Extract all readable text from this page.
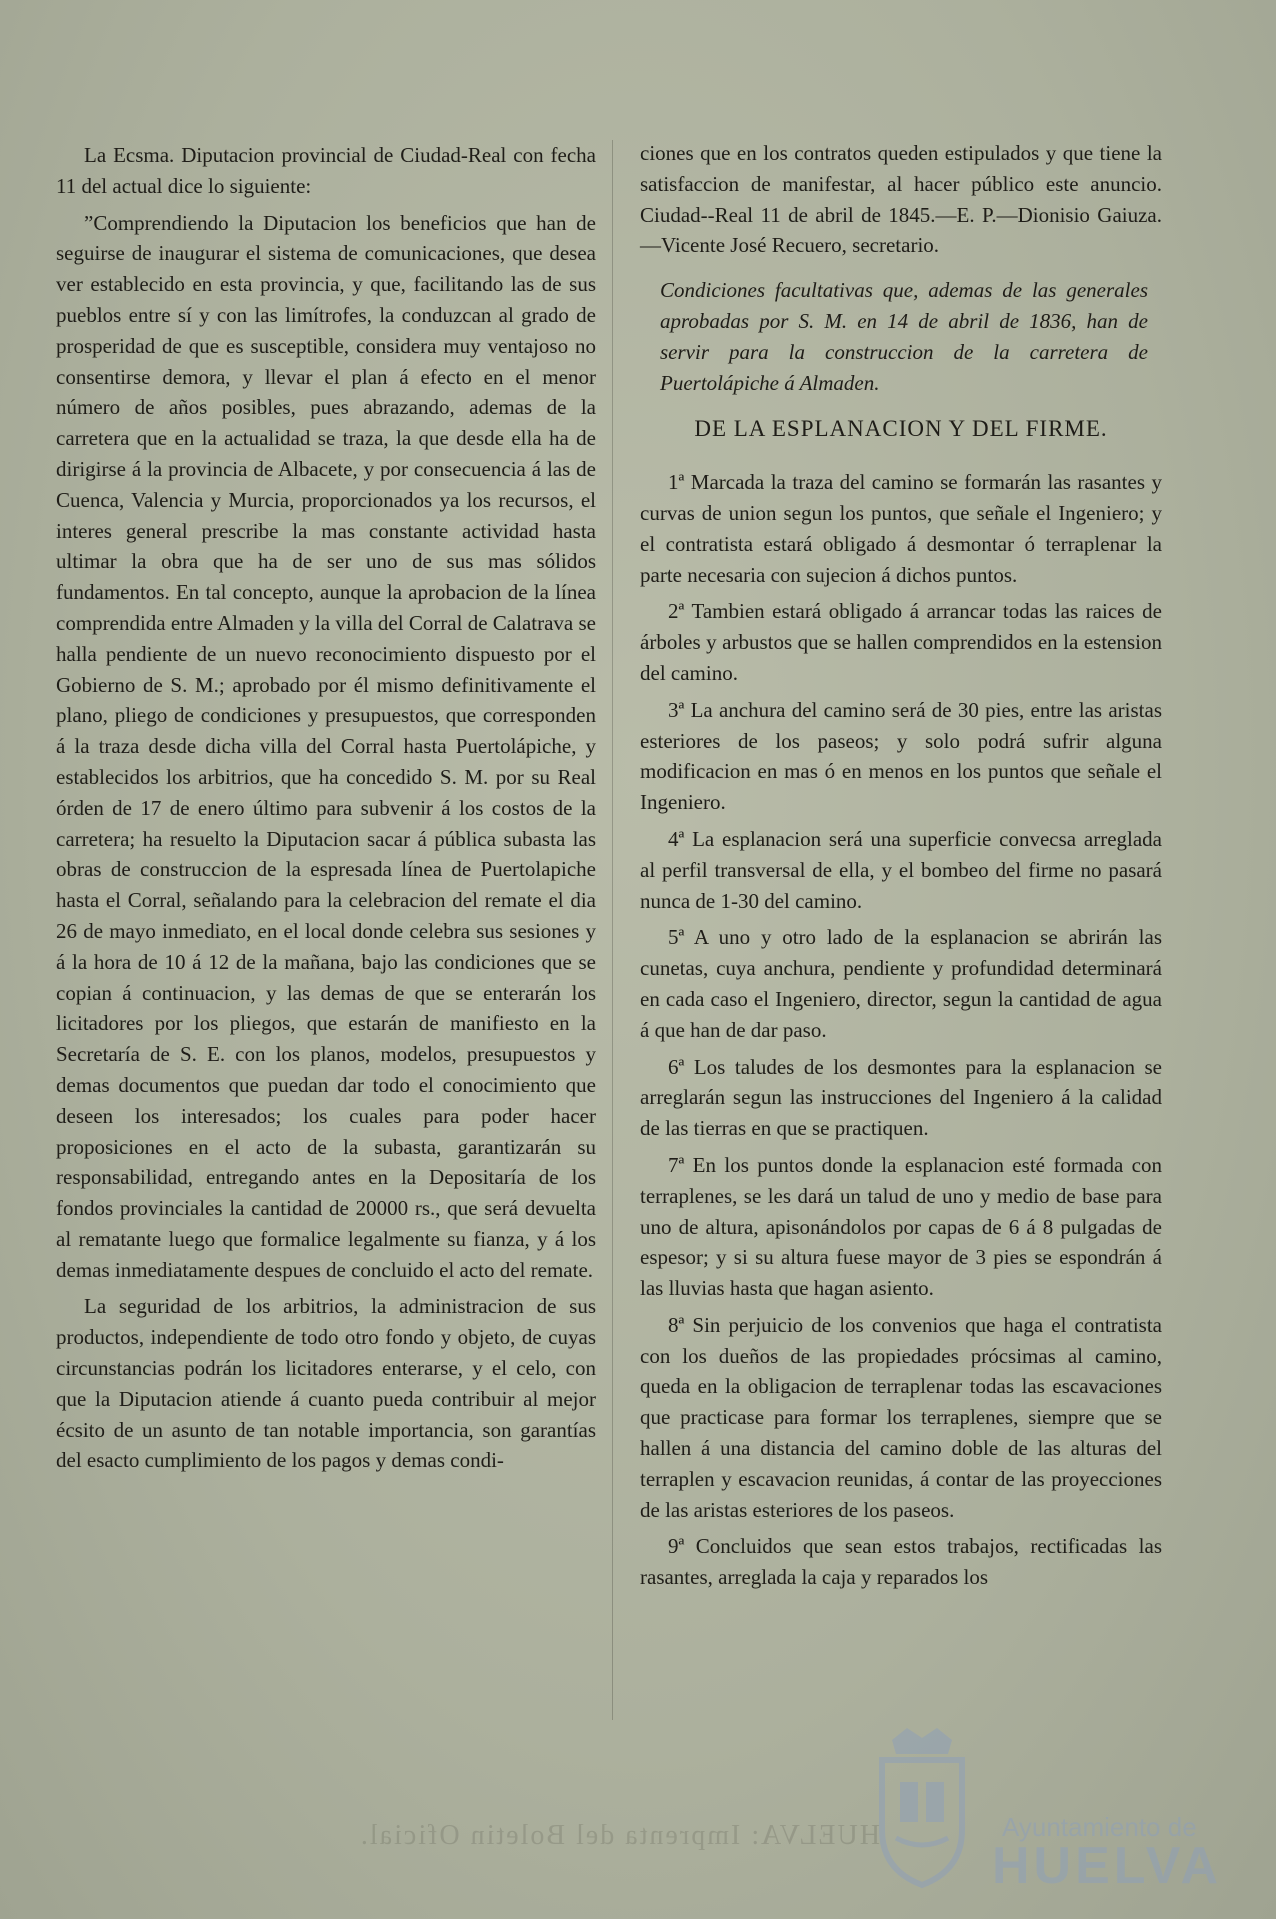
La Ecsma. Diputacion provincial de Ciudad-Real con fecha 11 del actual dice lo siguiente:

”Comprendiendo la Diputacion los beneficios que han de seguirse de inaugurar el sistema de comunicaciones, que desea ver establecido en esta provincia, y que, facilitando las de sus pueblos entre sí y con las limítrofes, la conduzcan al grado de prosperidad de que es susceptible, considera muy ventajoso no consentirse demora, y llevar el plan á efecto en el menor número de años posibles, pues abrazando, ademas de la carretera que en la actualidad se traza, la que desde ella ha de dirigirse á la provincia de Albacete, y por consecuencia á las de Cuenca, Valencia y Murcia, proporcionados ya los recursos, el interes general prescribe la mas constante actividad hasta ultimar la obra que ha de ser uno de sus mas sólidos fundamentos. En tal concepto, aunque la aprobacion de la línea comprendida entre Almaden y la villa del Corral de Calatrava se halla pendiente de un nuevo reconocimiento dispuesto por el Gobierno de S. M.; aprobado por él mismo definitivamente el plano, pliego de condiciones y presupuestos, que corresponden á la traza desde dicha villa del Corral hasta Puertolápiche, y establecidos los arbitrios, que ha concedido S. M. por su Real órden de 17 de enero último para subvenir á los costos de la carretera; ha resuelto la Diputacion sacar á pública subasta las obras de construccion de la espresada línea de Puertolapiche hasta el Corral, señalando para la celebracion del remate el dia 26 de mayo inmediato, en el local donde celebra sus sesiones y á la hora de 10 á 12 de la mañana, bajo las condiciones que se copian á continuacion, y las demas de que se enterarán los licitadores por los pliegos, que estarán de manifiesto en la Secretaría de S. E. con los planos, modelos, presupuestos y demas documentos que puedan dar todo el conocimiento que deseen los interesados; los cuales para poder hacer proposiciones en el acto de la subasta, garantizarán su responsabilidad, entregando antes en la Depositaría de los fondos provinciales la cantidad de 20000 rs., que será devuelta al rematante luego que formalice legalmente su fianza, y á los demas inmediatamente despues de concluido el acto del remate.

La seguridad de los arbitrios, la administracion de sus productos, independiente de todo otro fondo y objeto, de cuyas circunstancias podrán los licitadores enterarse, y el celo, con que la Diputacion atiende á cuanto pueda contribuir al mejor écsito de un asunto de tan notable importancia, son garantías del esacto cumplimiento de los pagos y demas condi-

ciones que en los contratos queden estipulados y que tiene la satisfaccion de manifestar, al hacer público este anuncio. Ciudad--Real 11 de abril de 1845.—E. P.—Dionisio Gaiuza.—Vicente José Recuero, secretario.

Condiciones facultativas que, ademas de las generales aprobadas por S. M. en 14 de abril de 1836, han de servir para la construccion de la carretera de Puertolápiche á Almaden.

DE LA ESPLANACION Y DEL FIRME.

1ª Marcada la traza del camino se formarán las rasantes y curvas de union segun los puntos, que señale el Ingeniero; y el contratista estará obligado á desmontar ó terraplenar la parte necesaria con sujecion á dichos puntos.

2ª Tambien estará obligado á arrancar todas las raices de árboles y arbustos que se hallen comprendidos en la estension del camino.

3ª La anchura del camino será de 30 pies, entre las aristas esteriores de los paseos; y solo podrá sufrir alguna modificacion en mas ó en menos en los puntos que señale el Ingeniero.

4ª La esplanacion será una superficie convecsa arreglada al perfil transversal de ella, y el bombeo del firme no pasará nunca de 1-30 del camino.

5ª A uno y otro lado de la esplanacion se abrirán las cunetas, cuya anchura, pendiente y profundidad determinará en cada caso el Ingeniero, director, segun la cantidad de agua á que han de dar paso.

6ª Los taludes de los desmontes para la esplanacion se arreglarán segun las instrucciones del Ingeniero á la calidad de las tierras en que se practiquen.

7ª En los puntos donde la esplanacion esté formada con terraplenes, se les dará un talud de uno y medio de base para uno de altura, apisonándolos por capas de 6 á 8 pulgadas de espesor; y si su altura fuese mayor de 3 pies se espondrán á las lluvias hasta que hagan asiento.

8ª Sin perjuicio de los convenios que haga el contratista con los dueños de las propiedades prócsimas al camino, queda en la obligacion de terraplenar todas las escavaciones que practicase para formar los terraplenes, siempre que se hallen á una distancia del camino doble de las alturas del terraplen y escavacion reunidas, á contar de las proyecciones de las aristas esteriores de los paseos.

9ª Concluidos que sean estos trabajos, rectificadas las rasantes, arreglada la caja y reparados los

HUELVA: Imprenta del Boletin Oficial.	Ayuntamiento de
HUELVA
